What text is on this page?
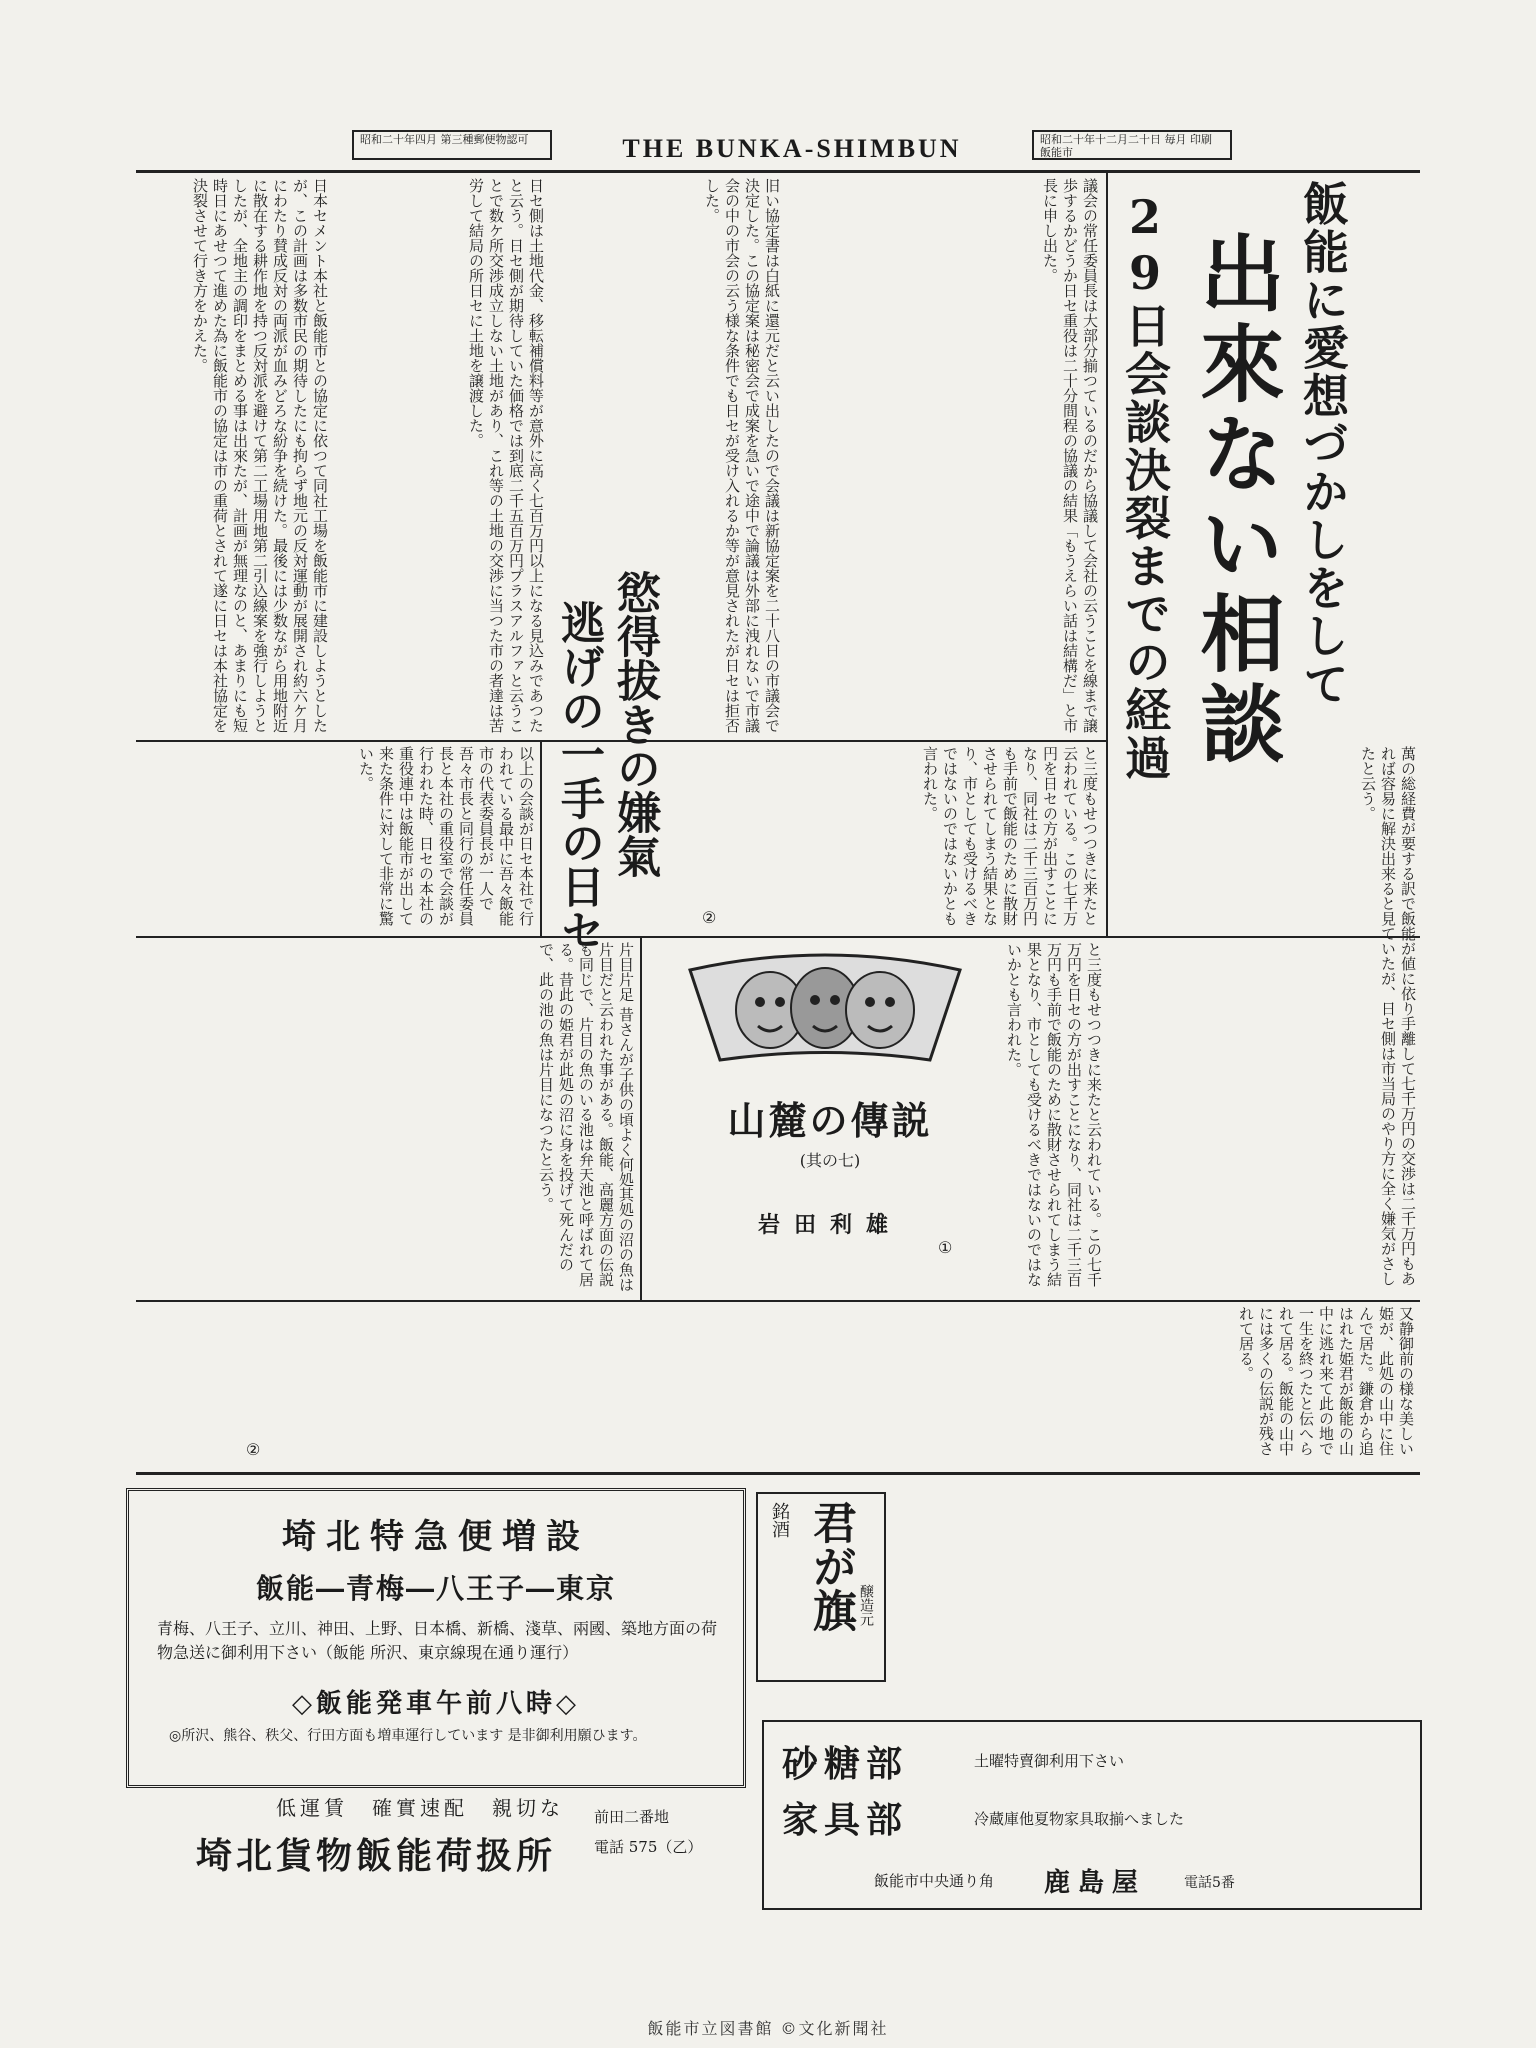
昭和二十年四月 第三種郵便物認可	THE BUNKA-SHIMBUN	昭和二十年十二月二十日 毎月 印刷 飯能市
出來ない相談 飯能に愛想づかしをして
29日会談決裂までの経過
日本セメント本社と飯能市との協定に依つて同社工場を飯能市に建設しようとしたが、この計画は多数市民の期待したにも拘らず地元の反対運動が展開され約六ケ月にわたり賛成反対の両派が血みどろな紛争を続けた。最後には少数ながら用地附近に散在する耕作地を持つ反対派を避けて第二工場用地第二引込線案を強行しようとしたが、全地主の調印をまとめる事は出來たが、計画が無理なのと、あまりにも短時日にあせつて進めた為に飯能市の協定は市の重荷とされて遂に日セは本社協定を決裂させて行き方をかえた。	日セ側は土地代金、移転補償料等が意外に高く七百万円以上になる見込みであつたと云う。日セ側が期待していた価格では到底二千五百万円プラスアルファと云うことで数ケ所交渉成立しない土地があり、これ等の土地の交渉に当つた市の者達は苦労して結局の所日セに土地を譲渡した。	旧い協定書は白紙に還元だと云い出したので会議は新協定案を二十八日の市議会で決定した。この協定案は秘密会で成案を急いで途中で論議は外部に洩れないで市議会の中の市会の云う様な条件でも日セが受け入れるか等が意見されたが日セは拒否した。	議会の常任委員長は大部分揃つているのだから協議して会社の云うことを線まで譲歩するかどうか日セ重役は二十分間程の協議の結果「もうえらい話は結構だ」と市長に申し出た。
慾得拔きの嫌氣
逃げの一手の日セ
以上の会談が日セ本社で行われている最中に吾々飯能市の代表委員長が一人で吾々市長と同行の常任委員長と本社の重役室で会談が行われた時、日セの本社の重役連中は飯能市が出して来た条件に対して非常に驚いた。	と三度もせつつきに来たと云われている。この七千万円を日セの方が出すことになり、同社は二千三百万円も手前で飯能のために散財させられてしまう結果となり、市としても受けるべきではないのではないかとも言われた。	萬の総経費が要する訳で飯能が値に依り手離して七千万円の交渉は二千万円もあれば容易に解決出来ると見ていたが、日セ側は市当局のやり方に全く嫌気がさしたと云う。
②
片目片足 昔さんが子供の頃よく何処其処の沼の魚は片目だと云われた事がある。飯能、高麗方面の伝説も同じで、片目の魚のいる池は弁天池と呼ばれて居る。昔此の姫君が此処の沼に身を投げて死んだので、此の池の魚は片目になつたと云う。
又静御前の様な美しい姫が、此処の山中に住んで居た。鎌倉から追はれた姫君が飯能の山中に逃れ来て此の地で一生を終つたと伝へられて居る。飯能の山中には多くの伝説が残されて居る。
と三度もせつつきに来たと云われている。この七千万円を日セの方が出すことになり、同社は二千三百万円も手前で飯能のために散財させられてしまう結果となり、市としても受けるべきではないのではないかとも言われた。
山麓の傳説
(其の七)
岩田利雄
①
②
埼北特急便増設
飯能―青梅―八王子―東京
青梅、八王子、立川、神田、上野、日本橋、新橋、淺草、兩國、築地方面の荷物急送に御利用下さい（飯能 所沢、東京線現在通り運行）
◇飯能発車午前八時◇
◎所沢、熊谷、秩父、行田方面も増車運行しています 是非御利用願ひます。
低運賃　確實速配　親切な
埼北貨物飯能荷扱所
前田二番地
電話 575（乙）
銘酒 君が旗 醸造元
砂糖部	土曜特賣御利用下さい
家具部	冷蔵庫他夏物家具取揃へました
飯能市中央通り角 鹿島屋	電話5番
飯能市立図書館 ©文化新聞社
